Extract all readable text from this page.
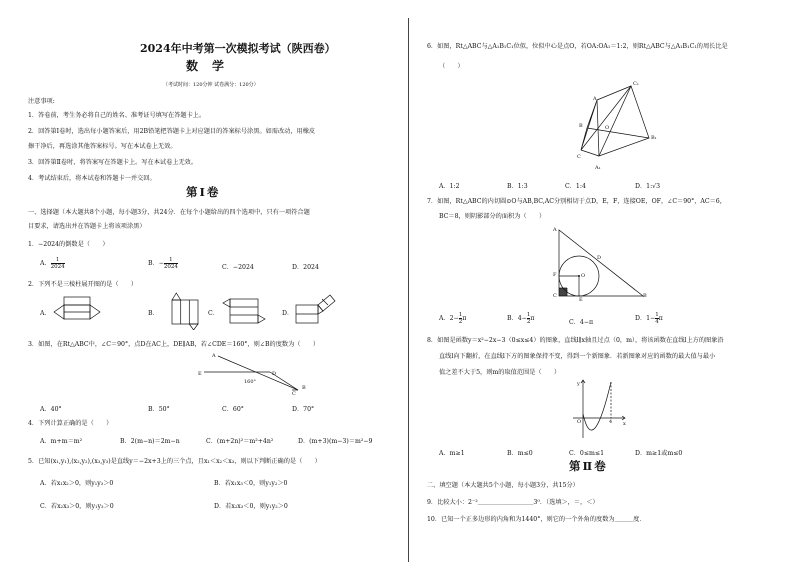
2024年中考第一次模拟考试（陕西卷）
数学
（考试时间：120分钟 试卷满分：120分）
注意事项:
1．答卷前，考生务必将自己的姓名、准考证号填写在答题卡上。
2．回答第Ⅰ卷时，选出每小题答案后，用2B铅笔把答题卡上对应题目的答案标号涂黑。如需改动，用橡皮
擦干净后，再选涂其他答案标号。写在本试卷上无效。
3．回答第Ⅱ卷时，将答案写在答题卡上。写在本试卷上无效。
4．考试结束后，将本试卷和答题卡一并交回。
第Ⅰ卷
一、选择题（本大题共8个小题，每小题3分，共24分．在每个小题给出的四个选项中，只有一项符合题
目要求，请选出并在答题卡上将该项涂黑）
1．−2024的倒数是（　　）
A． $\frac{1}{2024}$	B．− $\frac{1}{2024}$	C．−2024	D．2024
2．下列不是三棱柱展开图的是（　　）
A．	B．	C．	D．
3．如图，在Rt△ABC中，∠C＝90°，点D在AC上，DE∥AB，若∠CDE＝160°，则∠B的度数为（　　）
A
E	D
160°
B
C
A．40°	B．50°	C．60°	D．70°
4．下列计算正确的是（　　）
A．m+m＝m²	B．2(m−n)＝2m−n	C．(m+2n)²＝m²+4n²	D．(m+3)(m−3)＝m²−9
5．已知(x₁,y₁),(x₂,y₂),(x₃,y₃)是直线y＝−2x+3上的三个点，且x₁＜x₂＜x₃，则以下判断正确的是（　　）
A．若x₁x₂＞0，则y₁y₃＞0	B．若x₁x₃＜0，则y₁y₂＞0
C．若x₂x₃＞0，则y₁y₃＞0	D．若x₂x₃＜0，则y₁y₂＞0
6．如图，Rt△ABC与△A₁B₁C₁位似，位似中心是点O，若OA:OA₁＝1:2，则Rt△ABC与△A₁B₁C₁的周长比是
（　　）
A
B
C
O
A₁
B₁
C₁
A．1:2	B．1:3	C．1:4	D．1:√3
7．如图，Rt△ABC的内切圆⊙O与AB,BC,AC分别相切于点D，E，F，连接OE，OF，∠C＝90°，AC＝6，
BC＝8，则阴影部分的面积为（　　）
A
D
F	O
C
E
B
A．$2- \frac{1}{2}$ π	B．$4- \frac{1}{2}$ π
C．4−π
D．$1- \frac{1}{4}$ π
8．如图是函数y＝x²−2x−3（0≤x≤4）的图象，直线l∥x轴且过点（0，m），将该函数在直线l上方的图象沿
直线l向下翻折，在直线l下方的图象保持不变，得到一个新图象．若新图象对应的函数的最大值与最小
值之差不大于5，则m的取值范围是（　　）
y
x
O	4
A．m≥1	B．m≤0	C．0≤m≤1	D．m≥1或m≤0
第Ⅱ卷
二、填空题（本大题共5个小题，每小题3分，共15分）
9．比较大小：2⁻²＿＿＿＿＿＿＿＿＿3⁰．（选填＞，＝，＜）
10．已知一个正多边形的内角和为1440°，则它的一个外角的度数为＿＿＿度．
